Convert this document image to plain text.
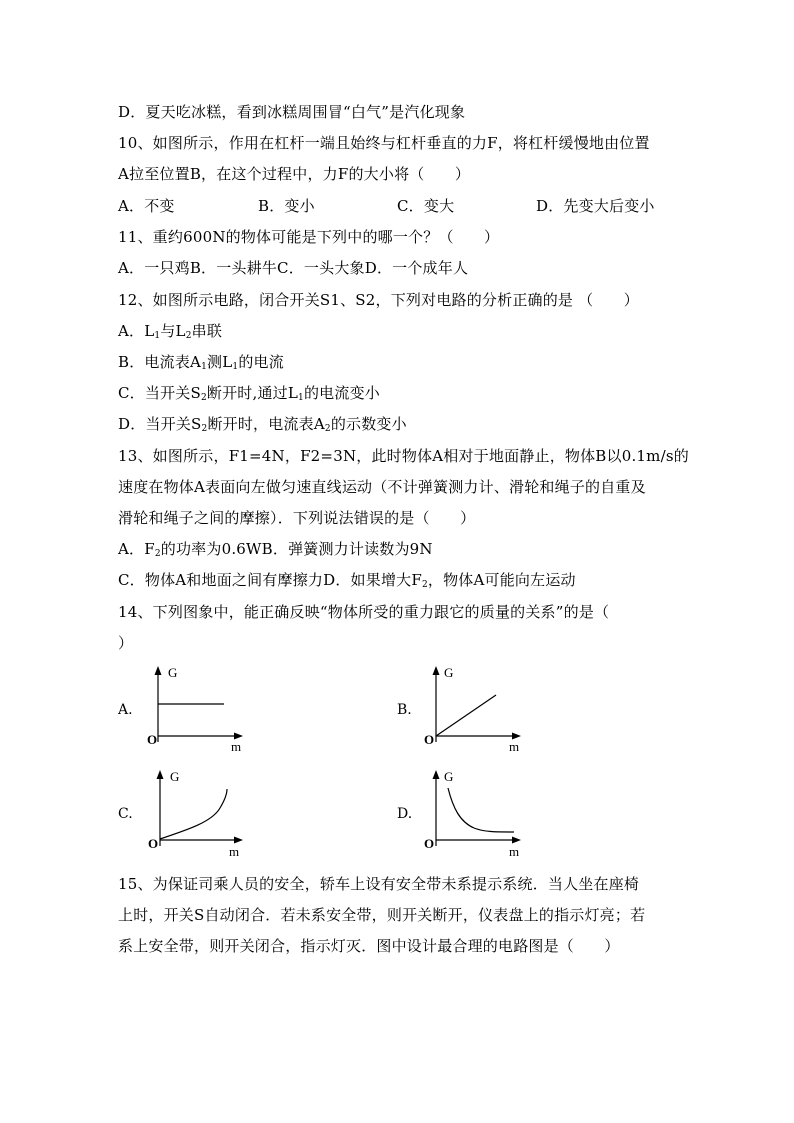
D．夏天吃冰糕，看到冰糕周围冒“白气”是汽化现象
10、如图所示，作用在杠杆一端且始终与杠杆垂直的力F，将杠杆缓慢地由位置
A拉至位置B，在这个过程中，力F的大小将（　　）
A．不变	B．变小	C．变大	D．先变大后变小
11、重约600N的物体可能是下列中的哪一个？（　　）
A．一只鸡B．一头耕牛C．一头大象D．一个成年人
12、如图所示电路，闭合开关S1、S2，下列对电路的分析正确的是 （　　）
A．$L_1$与$L_2$串联
B．电流表$A_1$测$L_1$的电流
C．当开关$S_2$断开时,通过$L_1$的电流变小
D．当开关$S_2$断开时，电流表$A_2$的示数变小
13、如图所示，F1=4N，F2=3N，此时物体A相对于地面静止，物体B以0.1m/s的
速度在物体A表面向左做匀速直线运动（不计弹簧测力计、滑轮和绳子的自重及
滑轮和绳子之间的摩擦）．下列说法错误的是（　　）
A．$F_2$的功率为0.6WB．弹簧测力计读数为9N
C．物体A和地面之间有摩擦力D．如果增大$F_2$，物体A可能向左运动
14、下列图象中，能正确反映“物体所受的重力跟它的质量的关系”的是（
）
A.
G
O	m
B.
G
O	m
C.
G
O
m
D.
G
O
m
15、为保证司乘人员的安全，轿车上设有安全带未系提示系统．当人坐在座椅
上时，开关S自动闭合．若未系安全带，则开关断开，仪表盘上的指示灯亮；若
系上安全带，则开关闭合，指示灯灭．图中设计最合理的电路图是（　　）
